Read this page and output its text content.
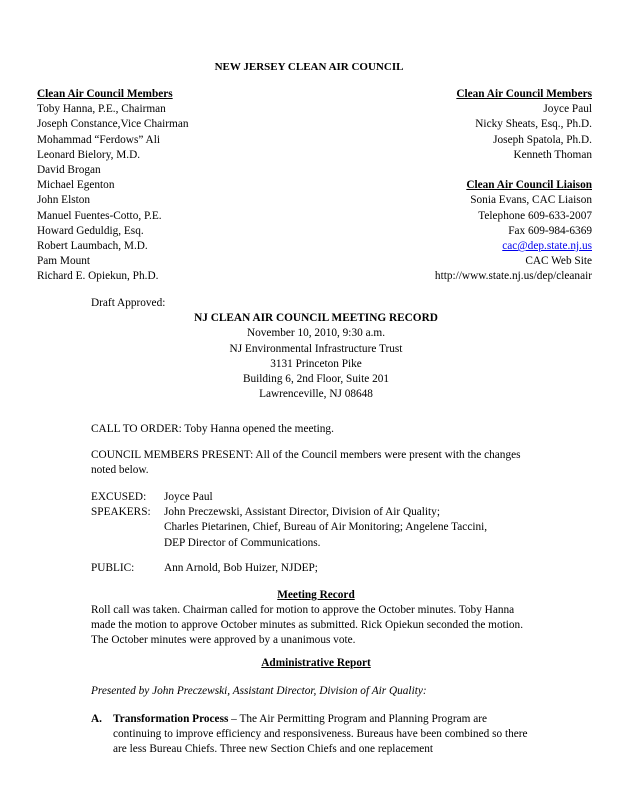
NEW JERSEY CLEAN AIR COUNCIL
Clean Air Council Members
Toby Hanna, P.E., Chairman
Joseph Constance,Vice Chairman
Mohammad “Ferdows” Ali
Leonard Bielory, M.D.
David Brogan
Michael Egenton
John Elston
Manuel Fuentes-Cotto, P.E.
Howard Geduldig, Esq.
Robert Laumbach, M.D.
Pam Mount
Richard E. Opiekun, Ph.D.
Clean Air Council Members
Joyce Paul
Nicky Sheats, Esq., Ph.D.
Joseph Spatola, Ph.D.
Kenneth Thoman
Clean Air Council Liaison
Sonia Evans, CAC Liaison
Telephone 609-633-2007
Fax 609-984-6369
cac@dep.state.nj.us
CAC Web Site
http://www.state.nj.us/dep/cleanair
Draft Approved:
NJ CLEAN AIR COUNCIL MEETING RECORD
November 10, 2010, 9:30 a.m.
NJ Environmental Infrastructure Trust
3131 Princeton Pike
Building 6, 2nd Floor, Suite 201
Lawrenceville, NJ 08648
CALL TO ORDER: Toby Hanna opened the meeting.
COUNCIL MEMBERS PRESENT: All of the Council members were present with the changes noted below.
EXCUSED:	Joyce Paul
SPEAKERS:	John Preczewski, Assistant Director, Division of Air Quality;
Charles Pietarinen, Chief, Bureau of Air Monitoring; Angelene Taccini,
DEP Director of Communications.
PUBLIC:	Ann Arnold, Bob Huizer, NJDEP;
Meeting Record
Roll call was taken. Chairman called for motion to approve the October minutes. Toby Hanna made the motion to approve October minutes as submitted. Rick Opiekun seconded the motion. The October minutes were approved by a unanimous vote.
Administrative Report
Presented by John Preczewski, Assistant Director, Division of Air Quality:
A. Transformation Process – The Air Permitting Program and Planning Program are continuing to improve efficiency and responsiveness. Bureaus have been combined so there are less Bureau Chiefs. Three new Section Chiefs and one replacement
